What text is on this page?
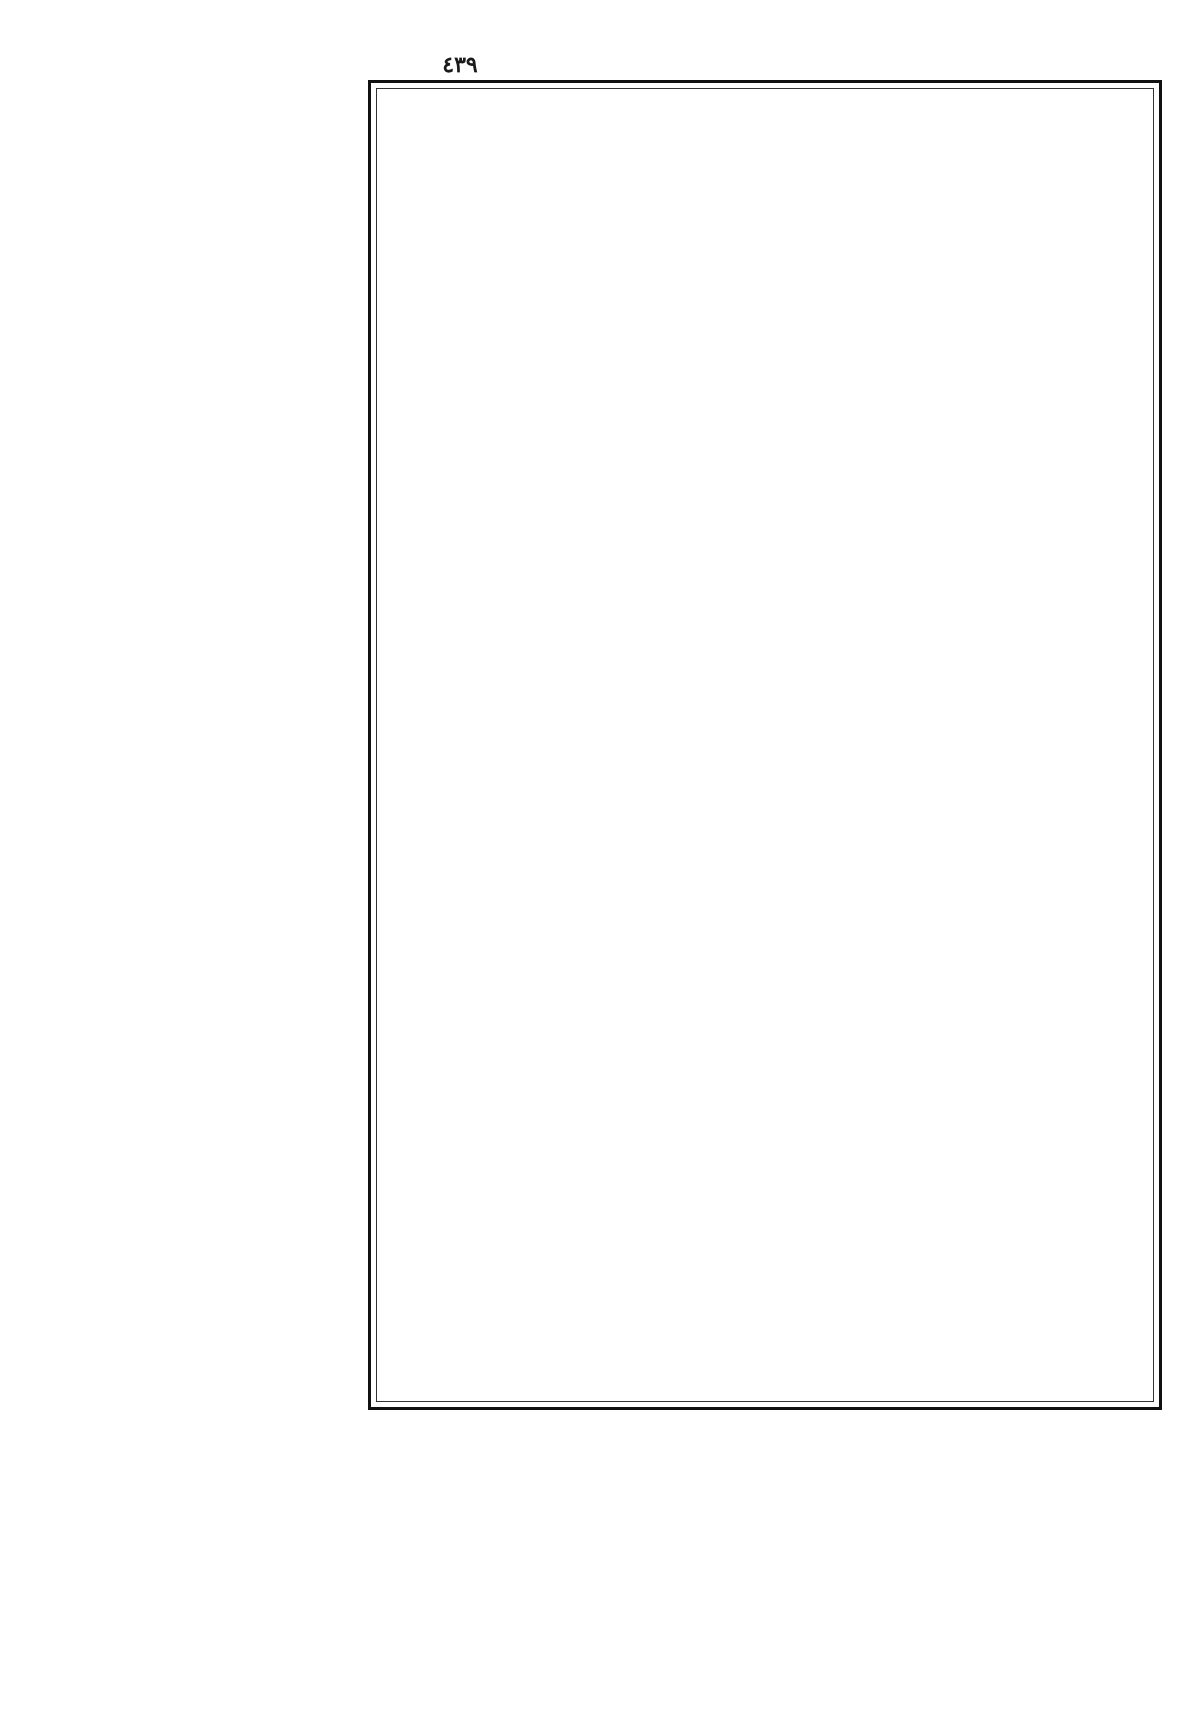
٤٣٩
